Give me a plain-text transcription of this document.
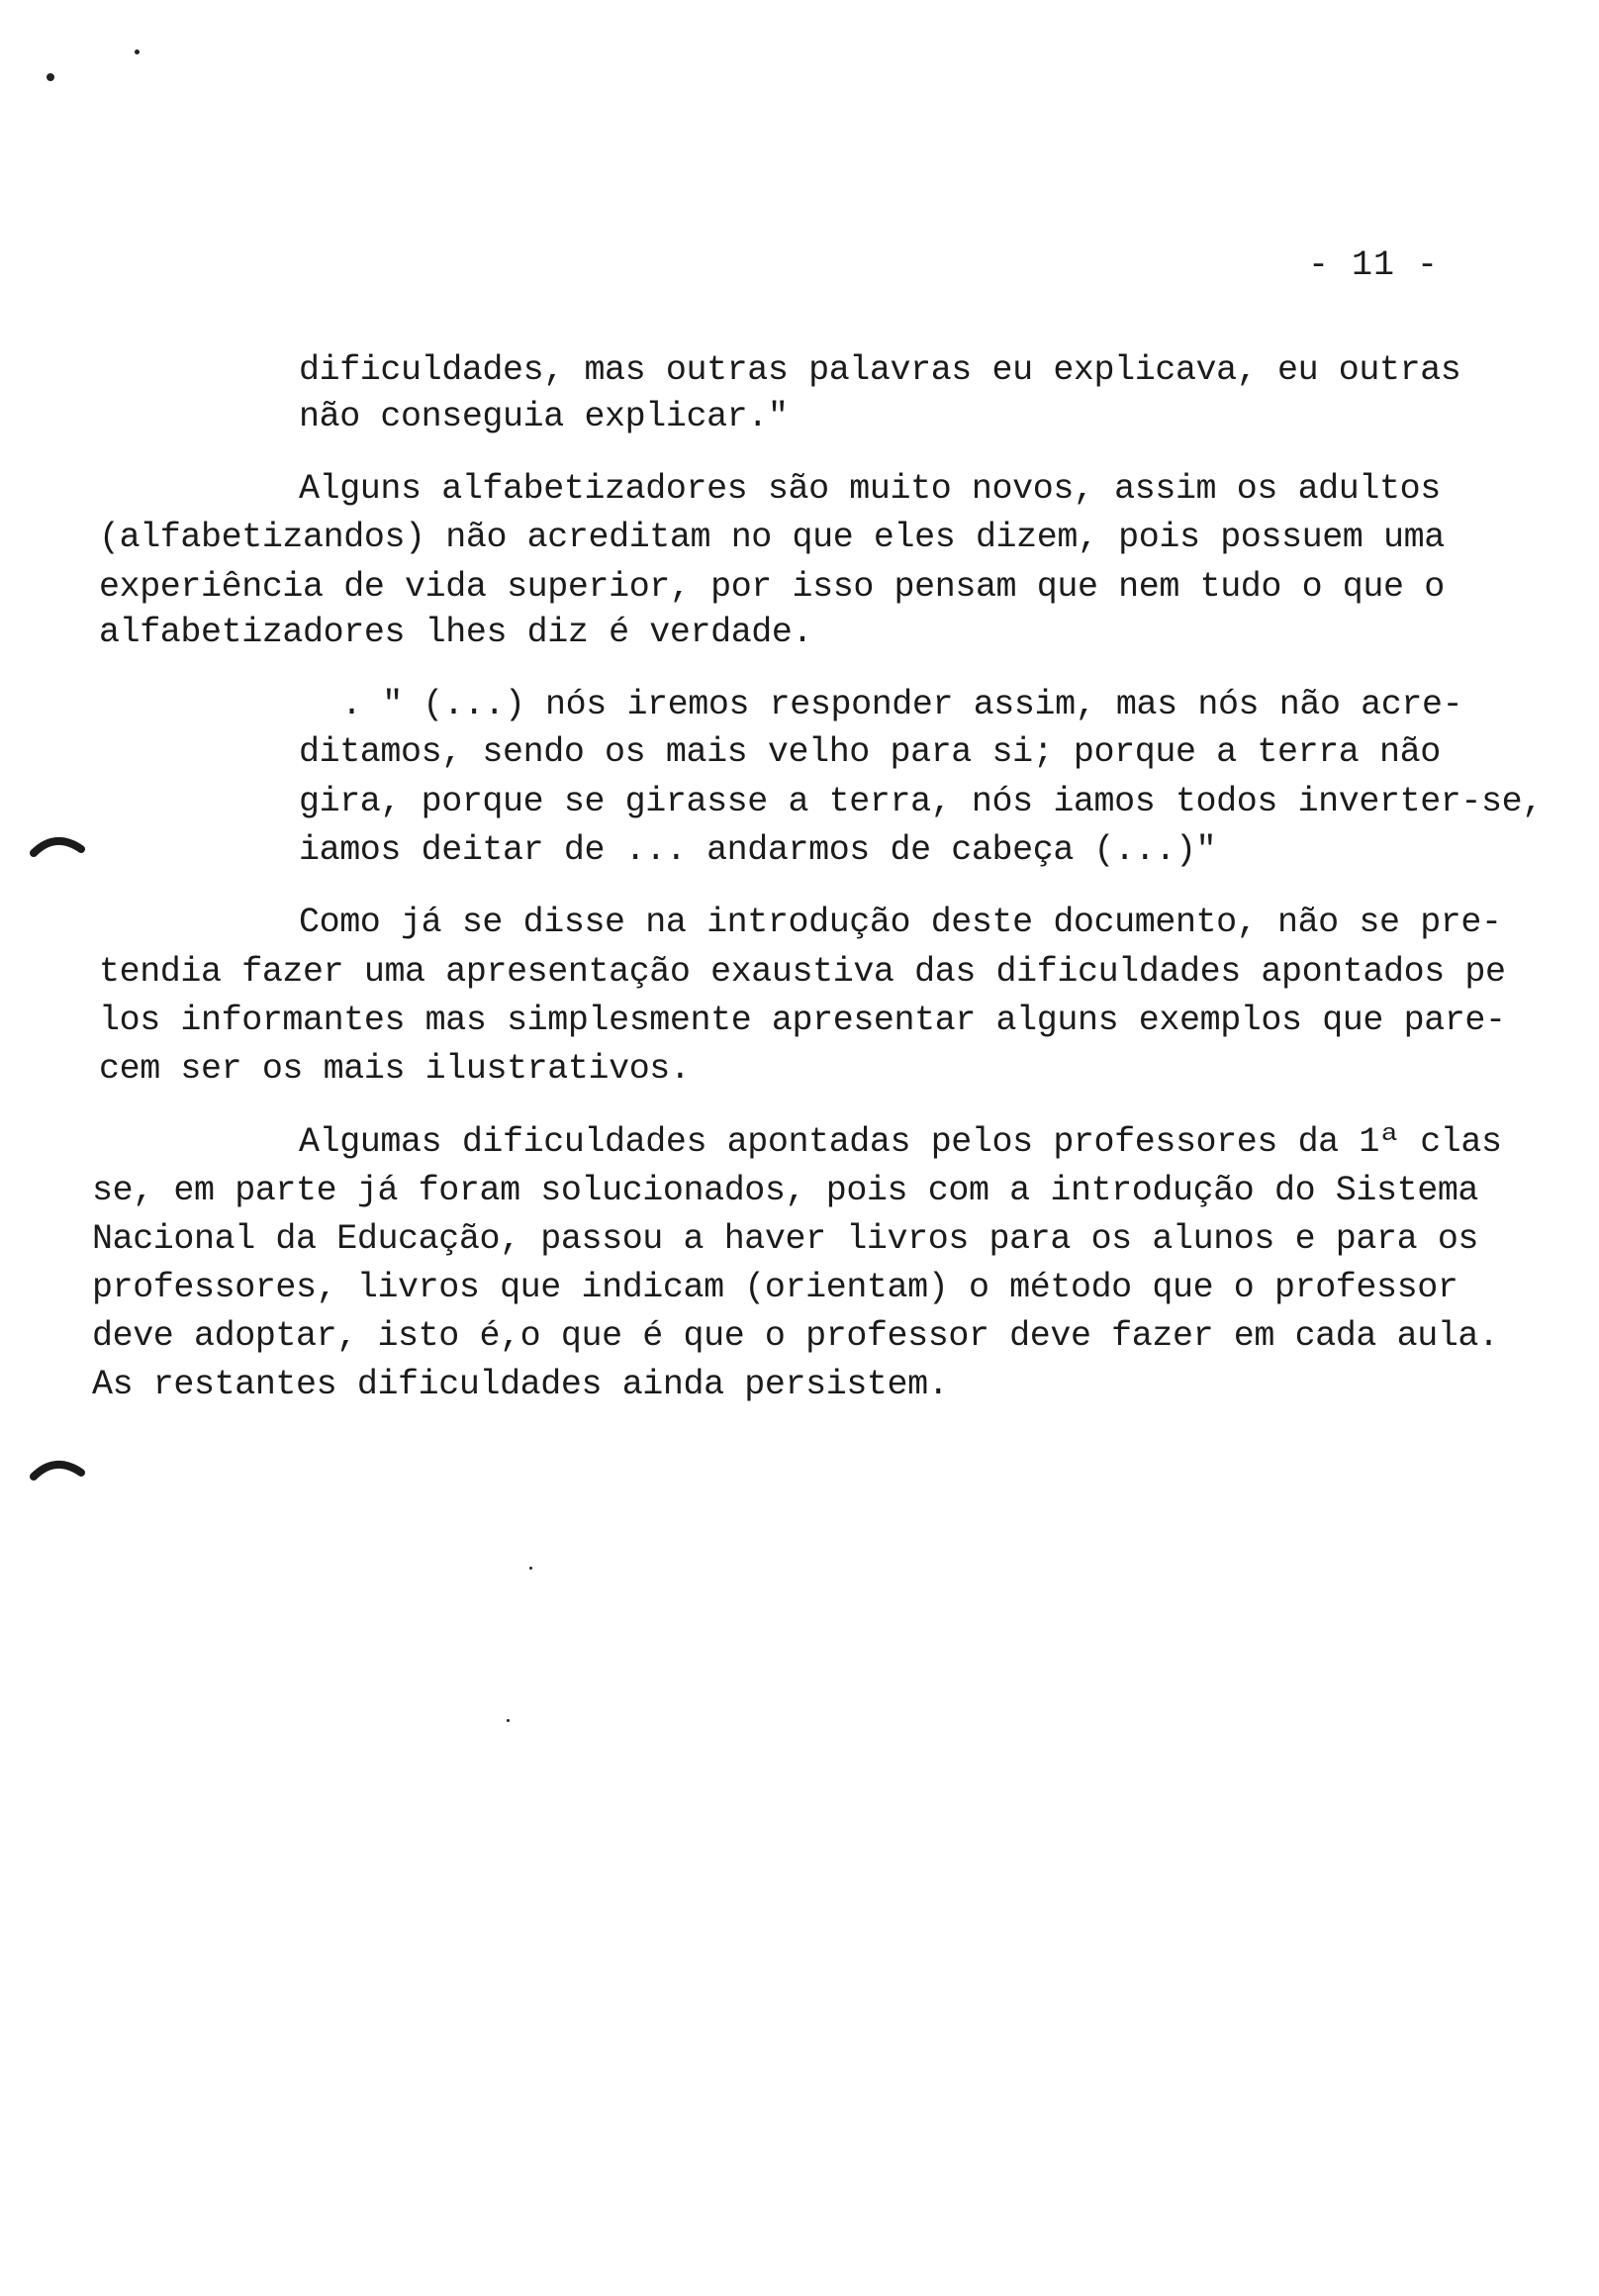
- 11 -
dificuldades, mas outras palavras eu explicava, eu outras
não conseguia explicar."
Alguns alfabetizadores são muito novos, assim os adultos
(alfabetizandos) não acreditam no que eles dizem, pois possuem uma
experiência de vida superior, por isso pensam que nem tudo o que o
alfabetizadores lhes diz é verdade.
. " (...) nós iremos responder assim, mas nós não acre-
ditamos, sendo os mais velho para si; porque a terra não
gira, porque se girasse a terra, nós iamos todos inverter-se,
iamos deitar de ... andarmos de cabeça (...)"
Como já se disse na introdução deste documento, não se pre-
tendia fazer uma apresentação exaustiva das dificuldades apontados pe
los informantes mas simplesmente apresentar alguns exemplos que pare-
cem ser os mais ilustrativos.
Algumas dificuldades apontadas pelos professores da 1ª clas
se, em parte já foram solucionados, pois com a introdução do Sistema
Nacional da Educação, passou a haver livros para os alunos e para os
professores, livros que indicam (orientam) o método que o professor
deve adoptar, isto é,o que é que o professor deve fazer em cada aula.
As restantes dificuldades ainda persistem.
